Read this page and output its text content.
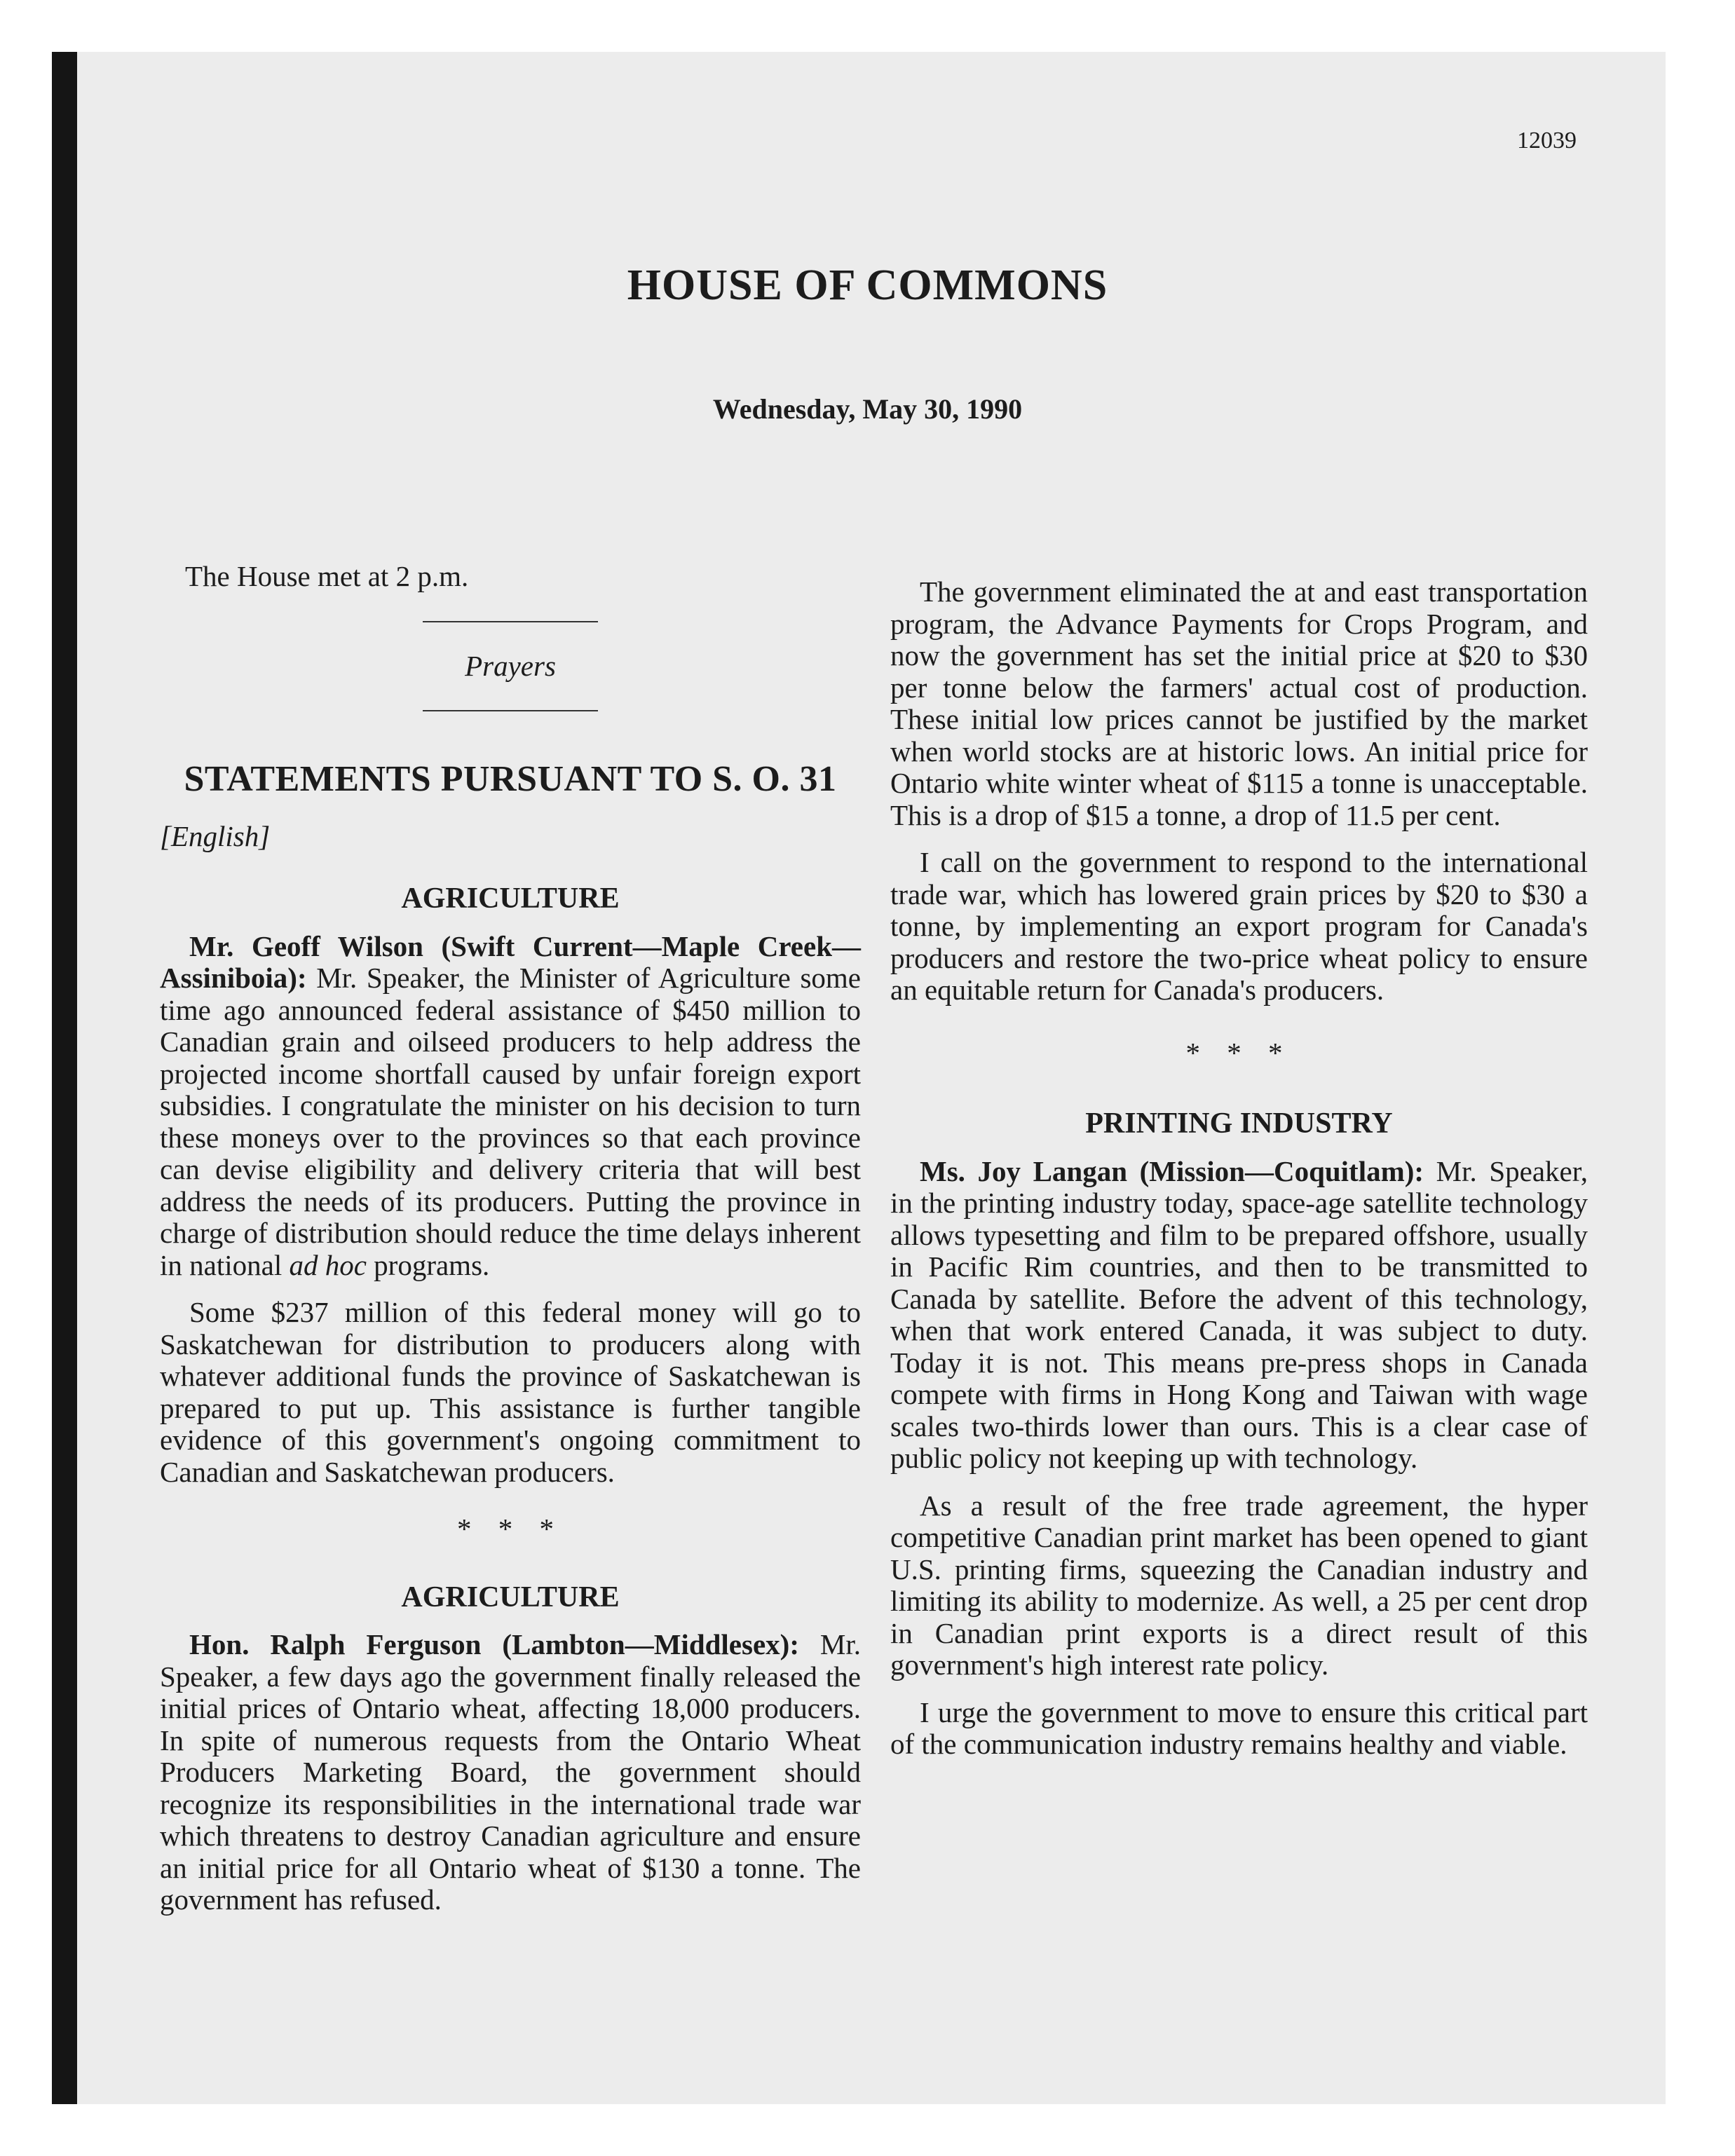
12039
HOUSE OF COMMONS
Wednesday, May 30, 1990
The House met at 2 p.m.
Prayers
STATEMENTS PURSUANT TO S. O. 31
[English]
AGRICULTURE

Mr. Geoff Wilson (Swift Current—Maple Creek—Assiniboia): Mr. Speaker, the Minister of Agriculture some time ago announced federal assistance of $450 million to Canadian grain and oilseed producers to help address the projected income shortfall caused by unfair foreign export subsidies. I congratulate the minister on his decision to turn these moneys over to the provinces so that each province can devise eligibility and delivery criteria that will best address the needs of its producers. Putting the province in charge of distribution should reduce the time delays inherent in national ad hoc programs.

Some $237 million of this federal money will go to Saskatchewan for distribution to producers along with whatever additional funds the province of Saskatchewan is prepared to put up. This assistance is further tangible evidence of this government's ongoing commitment to Canadian and Saskatchewan producers.

* * *
AGRICULTURE

Hon. Ralph Ferguson (Lambton—Middlesex): Mr. Speaker, a few days ago the government finally released the initial prices of Ontario wheat, affecting 18,000 producers. In spite of numerous requests from the Ontario Wheat Producers Marketing Board, the government should recognize its responsibilities in the international trade war which threatens to destroy Canadian agriculture and ensure an initial price for all Ontario wheat of $130 a tonne. The government has refused.

The government eliminated the at and east transportation program, the Advance Payments for Crops Program, and now the government has set the initial price at $20 to $30 per tonne below the farmers' actual cost of production. These initial low prices cannot be justified by the market when world stocks are at historic lows. An initial price for Ontario white winter wheat of $115 a tonne is unacceptable. This is a drop of $15 a tonne, a drop of 11.5 per cent.

I call on the government to respond to the international trade war, which has lowered grain prices by $20 to $30 a tonne, by implementing an export program for Canada's producers and restore the two-price wheat policy to ensure an equitable return for Canada's producers.

* * *
PRINTING INDUSTRY

Ms. Joy Langan (Mission—Coquitlam): Mr. Speaker, in the printing industry today, space-age satellite technology allows typesetting and film to be prepared offshore, usually in Pacific Rim countries, and then to be transmitted to Canada by satellite. Before the advent of this technology, when that work entered Canada, it was subject to duty. Today it is not. This means pre-press shops in Canada compete with firms in Hong Kong and Taiwan with wage scales two-thirds lower than ours. This is a clear case of public policy not keeping up with technology.

As a result of the free trade agreement, the hyper competitive Canadian print market has been opened to giant U.S. printing firms, squeezing the Canadian industry and limiting its ability to modernize. As well, a 25 per cent drop in Canadian print exports is a direct result of this government's high interest rate policy.

I urge the government to move to ensure this critical part of the communication industry remains healthy and viable.
